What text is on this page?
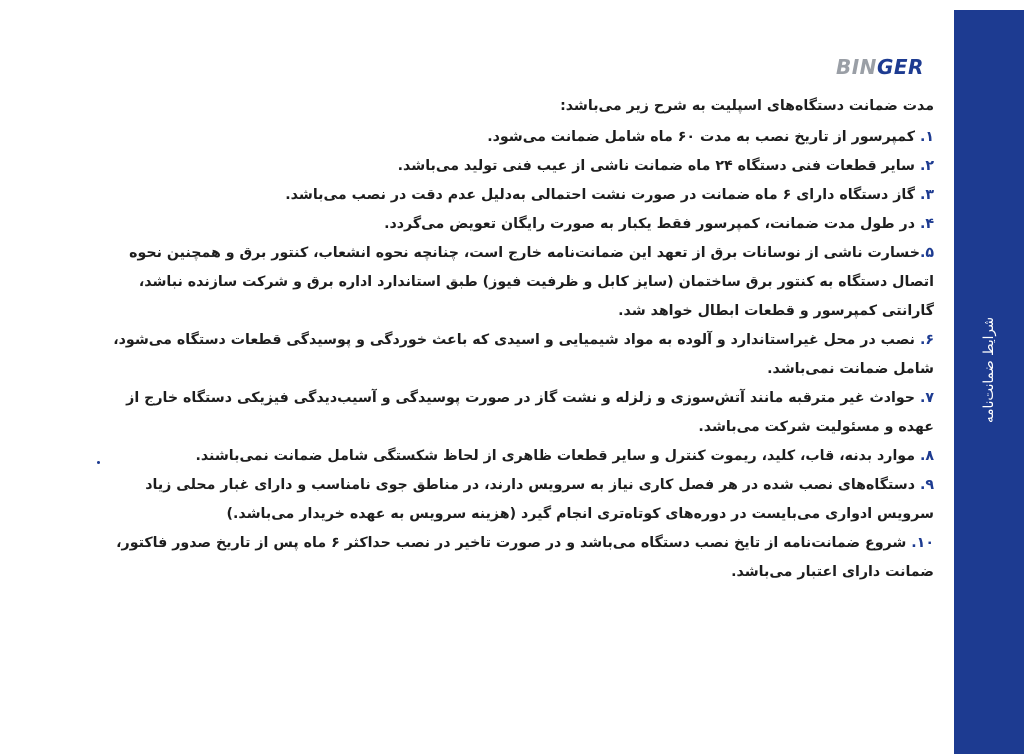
شرایط ضمانت‌نامه
BIN GER

مدت ضمانت دستگاه‌های اسپلیت به شرح زیر می‌باشد:

۱. کمپرسور از تاریخ نصب به مدت ۶۰ ماه شامل ضمانت می‌شود.

۲. سایر قطعات فنی دستگاه ۲۴ ماه ضمانت ناشی از عیب فنی تولید می‌باشد.

۳. گاز دستگاه دارای ۶ ماه ضمانت در صورت نشت احتمالی به‌دلیل عدم دقت در نصب می‌باشد.

۴. در طول مدت ضمانت، کمپرسور فقط یکبار به صورت رایگان تعویض می‌گردد.

۵.خسارت ناشی از نوسانات برق از تعهد این ضمانت‌نامه خارج است، چنانچه نحوه انشعاب، کنتور برق و همچنین نحوه اتصال دستگاه به کنتور برق ساختمان (سایز کابل و ظرفیت فیوز) طبق استاندارد اداره برق و شرکت سازنده نباشد، گارانتی کمپرسور و قطعات ابطال خواهد شد.

۶. نصب در محل غیراستاندارد و آلوده به مواد شیمیایی و اسیدی که باعث خوردگی و پوسیدگی قطعات دستگاه می‌شود، شامل ضمانت نمی‌باشد.

۷. حوادث غیر مترقبه مانند آتش‌سوزی و زلزله و نشت گاز در صورت پوسیدگی و آسیب‌دیدگی فیزیکی دستگاه خارج از عهده و مسئولیت شرکت می‌باشد.

۸. موارد بدنه، قاب، کلید، ریموت کنترل و سایر قطعات ظاهری از لحاظ شکستگی شامل ضمانت نمی‌باشند.

۹. دستگاه‌های نصب شده در هر فصل کاری نیاز به سرویس دارند، در مناطق جوی نامناسب و دارای غبار محلی زیاد سرویس ادواری می‌بایست در دوره‌های کوتاه‌تری انجام گیرد (هزینه سرویس به عهده خریدار می‌باشد.)

۱۰. شروع ضمانت‌نامه از تایخ نصب دستگاه می‌باشد و در صورت تاخیر در نصب حداکثر ۶ ماه پس از تاریخ صدور فاکتور، ضمانت دارای اعتبار می‌باشد.
